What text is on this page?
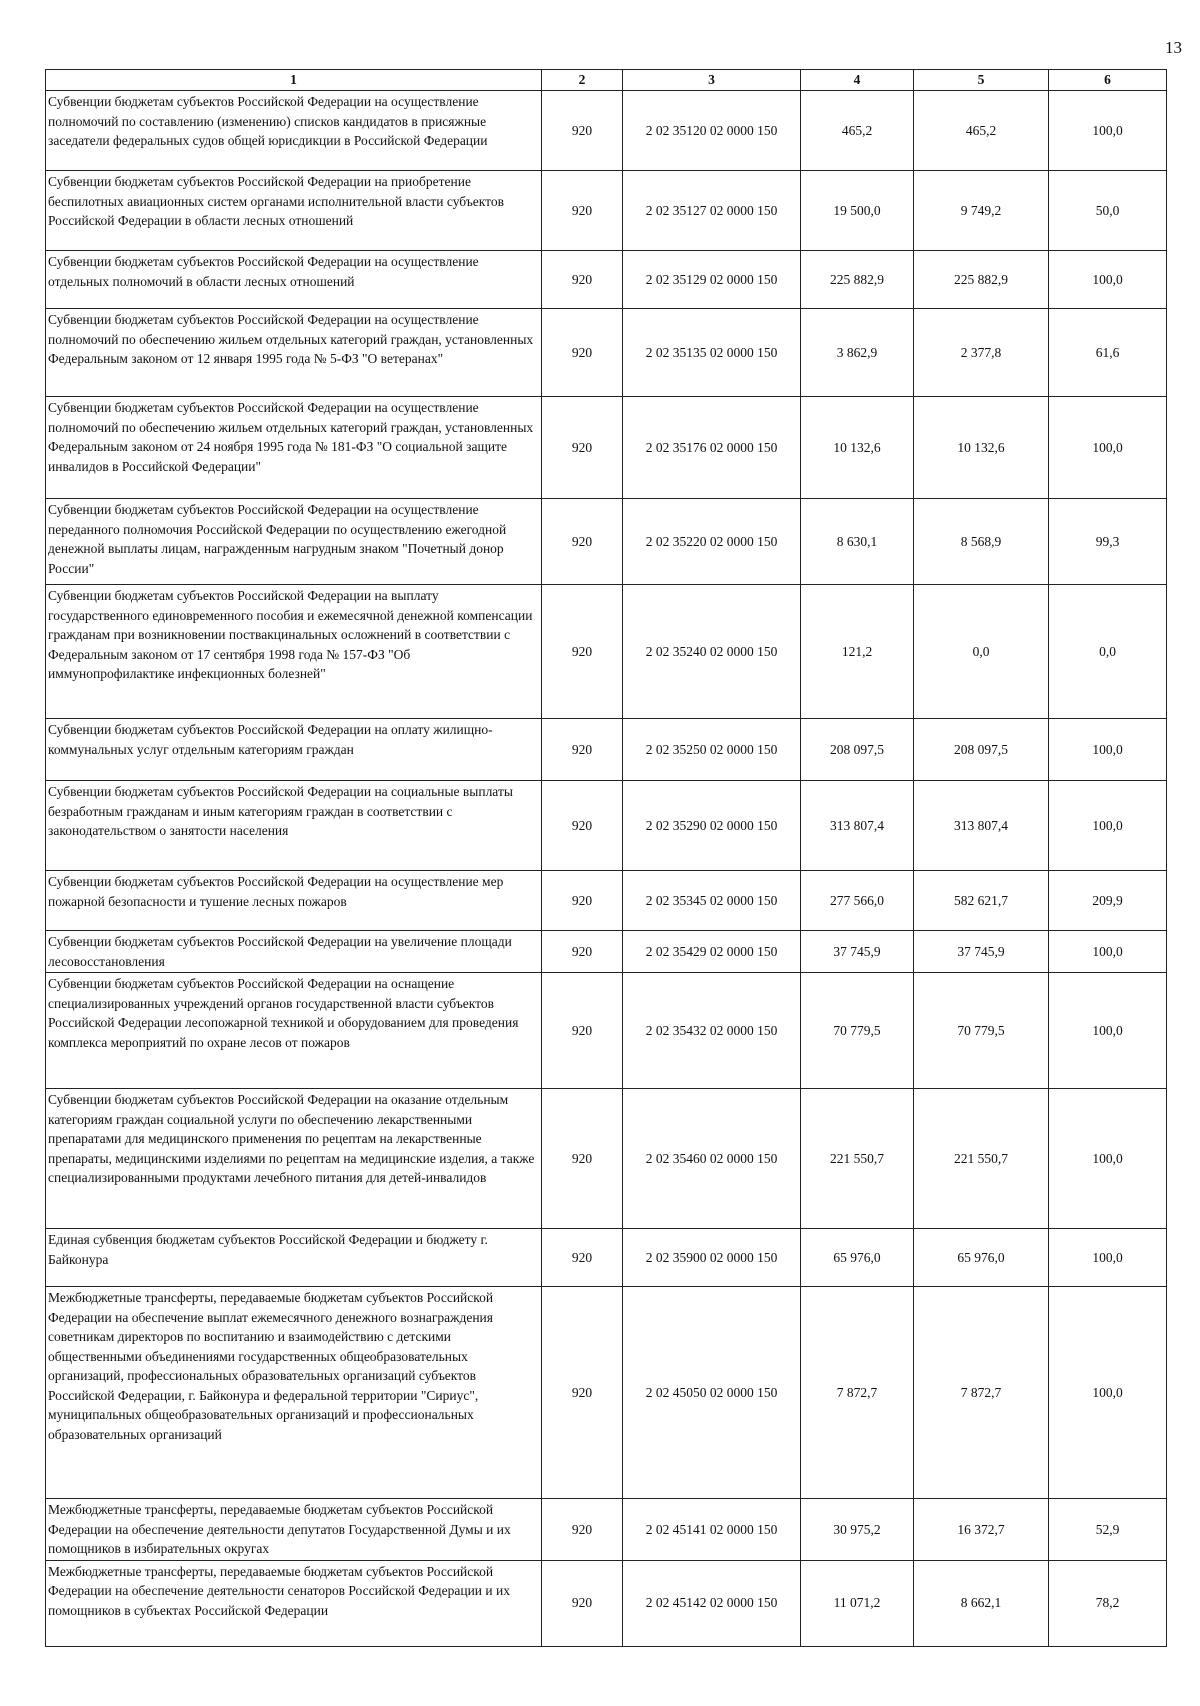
13
1	2	3	4	5	6
Субвенции бюджетам субъектов Российской Федерации на осуществление полномочий по составлению (изменению) списков кандидатов в присяжные заседатели федеральных судов общей юрисдикции в Российской Федерации	920	2 02 35120 02 0000 150	465,2	465,2	100,0
Субвенции бюджетам субъектов Российской Федерации на приобретение беспилотных авиационных систем органами исполнительной власти субъектов Российской Федерации в области лесных отношений	920	2 02 35127 02 0000 150	19 500,0	9 749,2	50,0
Субвенции бюджетам субъектов Российской Федерации на осуществление отдельных полномочий в области лесных отношений	920	2 02 35129 02 0000 150	225 882,9	225 882,9	100,0
Субвенции бюджетам субъектов Российской Федерации на осуществление полномочий по обеспечению жильем отдельных категорий граждан, установленных Федеральным законом от 12 января 1995 года № 5-ФЗ "О ветеранах"	920	2 02 35135 02 0000 150	3 862,9	2 377,8	61,6
Субвенции бюджетам субъектов Российской Федерации на осуществление полномочий по обеспечению жильем отдельных категорий граждан, установленных Федеральным законом от 24 ноября 1995 года № 181-ФЗ "О социальной защите инвалидов в Российской Федерации"	920	2 02 35176 02 0000 150	10 132,6	10 132,6	100,0
Субвенции бюджетам субъектов Российской Федерации на осуществление переданного полномочия Российской Федерации по осуществлению ежегодной денежной выплаты лицам, награжденным нагрудным знаком "Почетный донор России"	920	2 02 35220 02 0000 150	8 630,1	8 568,9	99,3
Субвенции бюджетам субъектов Российской Федерации на выплату государственного единовременного пособия и ежемесячной денежной компенсации гражданам при возникновении поствакцинальных осложнений в соответствии с Федеральным законом от 17 сентября 1998 года № 157-ФЗ "Об иммунопрофилактике инфекционных болезней"	920	2 02 35240 02 0000 150	121,2	0,0	0,0
Субвенции бюджетам субъектов Российской Федерации на оплату жилищно-коммунальных услуг отдельным категориям граждан	920	2 02 35250 02 0000 150	208 097,5	208 097,5	100,0
Субвенции бюджетам субъектов Российской Федерации на социальные выплаты безработным гражданам и иным категориям граждан в соответствии с законодательством о занятости населения	920	2 02 35290 02 0000 150	313 807,4	313 807,4	100,0
Субвенции бюджетам субъектов Российской Федерации на осуществление мер пожарной безопасности и тушение лесных пожаров	920	2 02 35345 02 0000 150	277 566,0	582 621,7	209,9
Субвенции бюджетам субъектов Российской Федерации на увеличение площади лесовосстановления	920	2 02 35429 02 0000 150	37 745,9	37 745,9	100,0
Субвенции бюджетам субъектов Российской Федерации на оснащение специализированных учреждений органов государственной власти субъектов Российской Федерации лесопожарной техникой и оборудованием для проведения комплекса мероприятий по охране лесов от пожаров	920	2 02 35432 02 0000 150	70 779,5	70 779,5	100,0
Субвенции бюджетам субъектов Российской Федерации на оказание отдельным категориям граждан социальной услуги по обеспечению лекарственными препаратами для медицинского применения по рецептам на лекарственные препараты, медицинскими изделиями по рецептам на медицинские изделия, а также специализированными продуктами лечебного питания для детей-инвалидов	920	2 02 35460 02 0000 150	221 550,7	221 550,7	100,0
Единая субвенция бюджетам субъектов Российской Федерации и бюджету г. Байконура	920	2 02 35900 02 0000 150	65 976,0	65 976,0	100,0
Межбюджетные трансферты, передаваемые бюджетам субъектов Российской Федерации на обеспечение выплат ежемесячного денежного вознаграждения советникам директоров по воспитанию и взаимодействию с детскими общественными объединениями государственных общеобразовательных организаций, профессиональных образовательных организаций субъектов Российской Федерации, г. Байконура и федеральной территории "Сириус", муниципальных общеобразовательных организаций и профессиональных образовательных организаций	920	2 02 45050 02 0000 150	7 872,7	7 872,7	100,0
Межбюджетные трансферты, передаваемые бюджетам субъектов Российской Федерации на обеспечение деятельности депутатов Государственной Думы и их помощников в избирательных округах	920	2 02 45141 02 0000 150	30 975,2	16 372,7	52,9
Межбюджетные трансферты, передаваемые бюджетам субъектов Российской Федерации на обеспечение деятельности сенаторов Российской Федерации и их помощников в субъектах Российской Федерации	920	2 02 45142 02 0000 150	11 071,2	8 662,1	78,2
